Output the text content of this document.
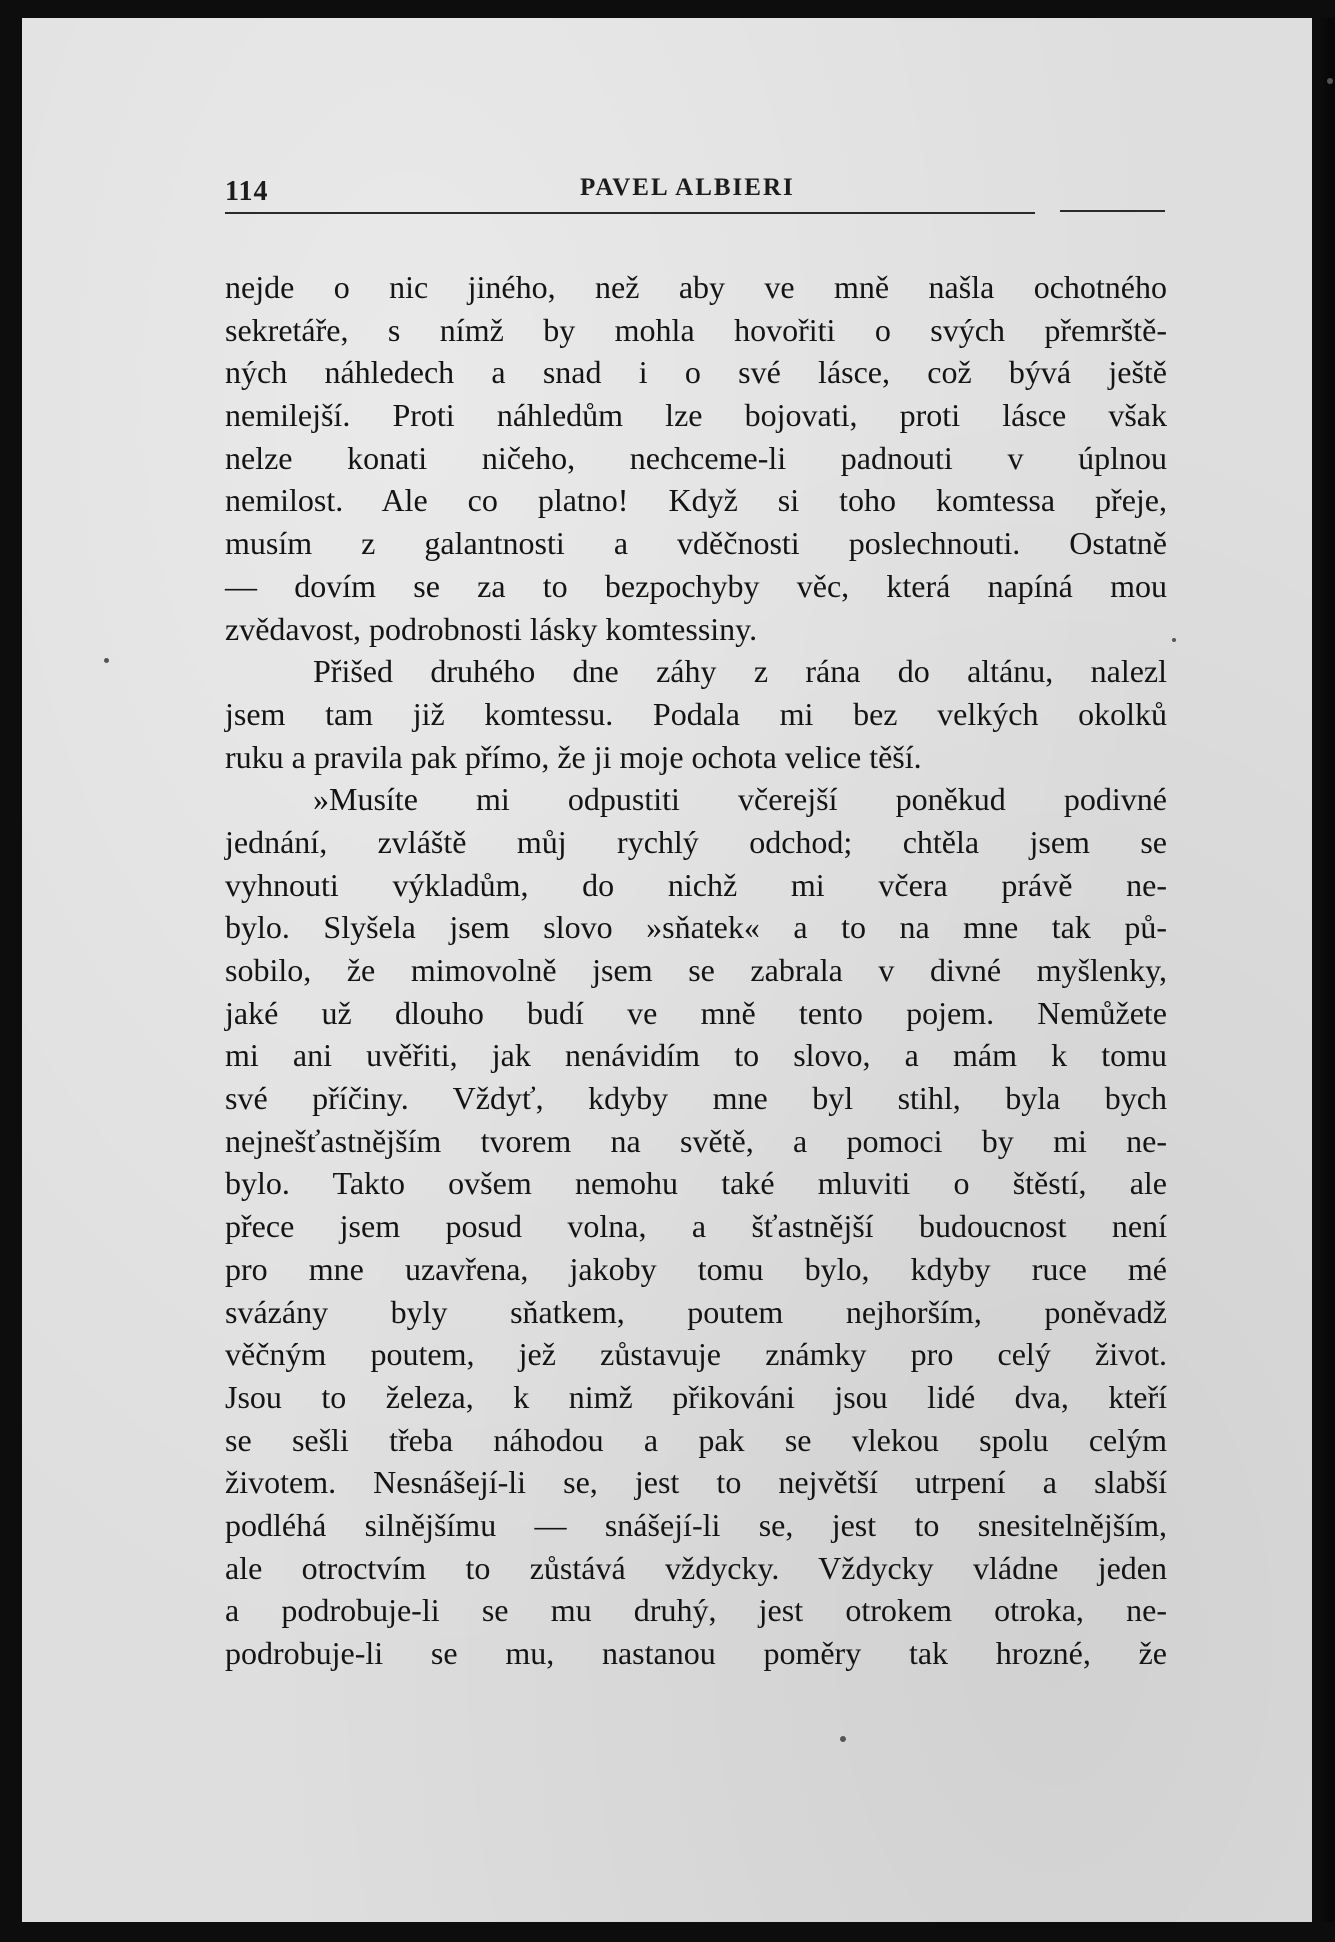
114	PAVEL ALBIERI
nejde o nic jiného, než aby ve mně našla ochotného
sekretáře, s nímž by mohla hovořiti o svých přemrště-
ných náhledech a snad i o své lásce, což bývá ještě
nemilejší. Proti náhledům lze bojovati, proti lásce však
nelze konati ničeho, nechceme-li padnouti v úplnou
nemilost. Ale co platno! Když si toho komtessa přeje,
musím z galantnosti a vděčnosti poslechnouti. Ostatně
— dovím se za to bezpochyby věc, která napíná mou
zvědavost, podrobnosti lásky komtessiny.
Přišed druhého dne záhy z rána do altánu, nalezl
jsem tam již komtessu. Podala mi bez velkých okolků
ruku a pravila pak přímo, že ji moje ochota velice těší.
»Musíte mi odpustiti včerejší poněkud podivné
jednání, zvláště můj rychlý odchod; chtěla jsem se
vyhnouti výkladům, do nichž mi včera právě ne-
bylo. Slyšela jsem slovo »sňatek« a to na mne tak pů-
sobilo, že mimovolně jsem se zabrala v divné myšlenky,
jaké už dlouho budí ve mně tento pojem. Nemůžete
mi ani uvěřiti, jak nenávidím to slovo, a mám k tomu
své příčiny. Vždyť, kdyby mne byl stihl, byla bych
nejnešťastnějším tvorem na světě, a pomoci by mi ne-
bylo. Takto ovšem nemohu také mluviti o štěstí, ale
přece jsem posud volna, a šťastnější budoucnost není
pro mne uzavřena, jakoby tomu bylo, kdyby ruce mé
svázány byly sňatkem, poutem nejhorším, poněvadž
věčným poutem, jež zůstavuje známky pro celý život.
Jsou to železa, k nimž přikováni jsou lidé dva, kteří
se sešli třeba náhodou a pak se vlekou spolu celým
životem. Nesnášejí-li se, jest to největší utrpení a slabší
podléhá silnějšímu — snášejí-li se, jest to snesitelnějším,
ale otroctvím to zůstává vždycky. Vždycky vládne jeden
a podrobuje-li se mu druhý, jest otrokem otroka, ne-
podrobuje-li se mu, nastanou poměry tak hrozné, že
